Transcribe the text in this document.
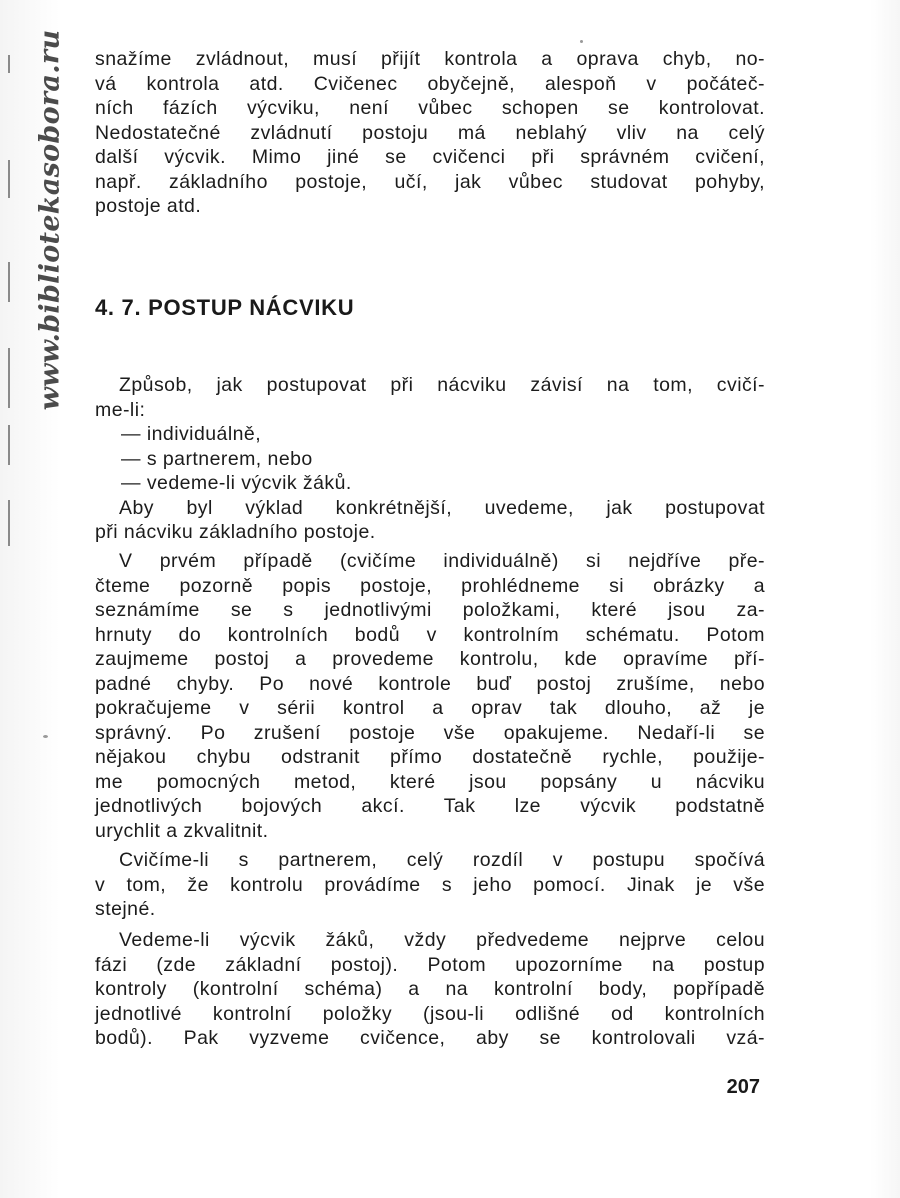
www.bibliotekasobora.ru snažíme zvládnout, musí přijít kontrola a oprava chyb, no-
vá kontrola atd. Cvičenec obyčejně, alespoň v počáteč-
ních fázích výcviku, není vůbec schopen se kontrolovat.
Nedostatečné zvládnutí postoju má neblahý vliv na celý
další výcvik. Mimo jiné se cvičenci při správném cvičení,
např. základního postoje, učí, jak vůbec studovat pohyby,
postoje atd.
4. 7. POSTUP NÁCVIKU
Způsob, jak postupovat při nácviku závisí na tom, cvičí-
me-li:
— individuálně,
— s partnerem, nebo
— vedeme-li výcvik žáků.
Aby byl výklad konkrétnější, uvedeme, jak postupovat
při nácviku základního postoje.
V prvém případě (cvičíme individuálně) si nejdříve pře-
čteme pozorně popis postoje, prohlédneme si obrázky a
seznámíme se s jednotlivými položkami, které jsou za-
hrnuty do kontrolních bodů v kontrolním schématu. Potom
zaujmeme postoj a provedeme kontrolu, kde opravíme pří-
padné chyby. Po nové kontrole buď postoj zrušíme, nebo
pokračujeme v sérii kontrol a oprav tak dlouho, až je
správný. Po zrušení postoje vše opakujeme. Nedaří-li se
nějakou chybu odstranit přímo dostatečně rychle, použije-
me pomocných metod, které jsou popsány u nácviku
jednotlivých bojových akcí. Tak lze výcvik podstatně
urychlit a zkvalitnit.
Cvičíme-li s partnerem, celý rozdíl v postupu spočívá
v tom, že kontrolu provádíme s jeho pomocí. Jinak je vše
stejné.
Vedeme-li výcvik žáků, vždy předvedeme nejprve celou
fázi (zde základní postoj). Potom upozorníme na postup
kontroly (kontrolní schéma) a na kontrolní body, popřípadě
jednotlivé kontrolní položky (jsou-li odlišné od kontrolních
bodů). Pak vyzveme cvičence, aby se kontrolovali vzá-
207
